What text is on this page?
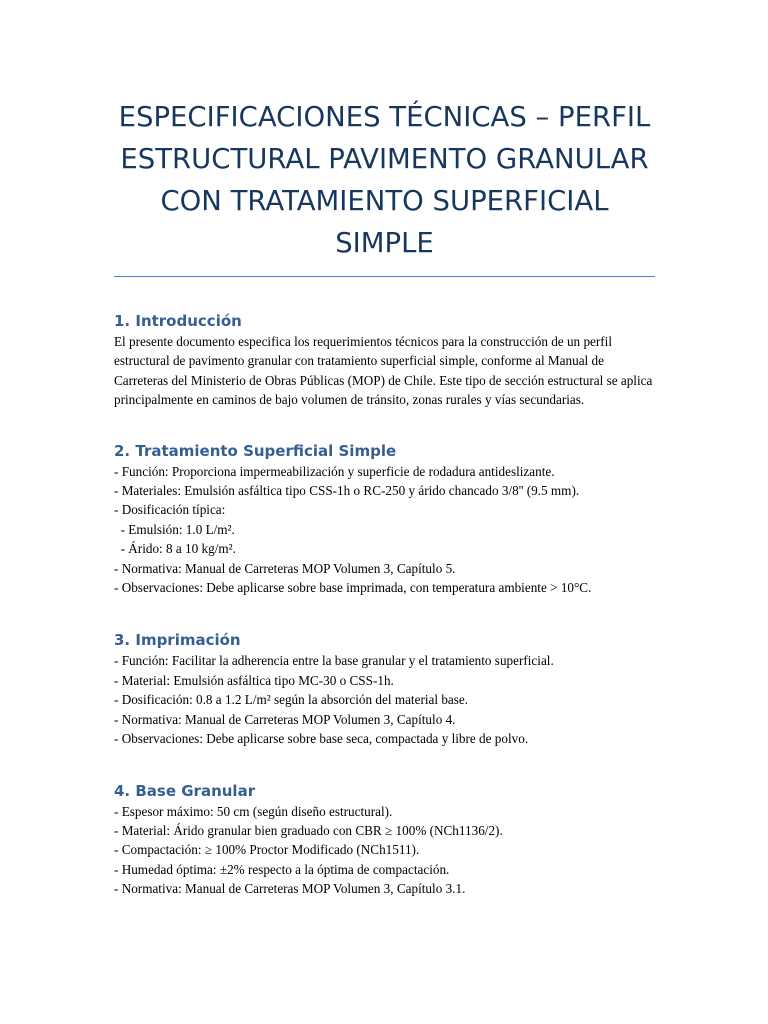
ESPECIFICACIONES TÉCNICAS – PERFIL ESTRUCTURAL PAVIMENTO GRANULAR CON TRATAMIENTO SUPERFICIAL SIMPLE
1. Introducción

El presente documento especifica los requerimientos técnicos para la construcción de un perfil estructural de pavimento granular con tratamiento superficial simple, conforme al Manual de Carreteras del Ministerio de Obras Públicas (MOP) de Chile. Este tipo de sección estructural se aplica principalmente en caminos de bajo volumen de tránsito, zonas rurales y vías secundarias.

2. Tratamiento Superficial Simple
- Función: Proporciona impermeabilización y superficie de rodadura antideslizante.
- Materiales: Emulsión asfáltica tipo CSS-1h o RC-250 y árido chancado 3/8'' (9.5 mm).
- Dosificación típica:
- Emulsión: 1.0 L/m².
- Árido: 8 a 10 kg/m².
- Normativa: Manual de Carreteras MOP Volumen 3, Capítulo 5.
- Observaciones: Debe aplicarse sobre base imprimada, con temperatura ambiente > 10°C.
3. Imprimación
- Función: Facilitar la adherencia entre la base granular y el tratamiento superficial.
- Material: Emulsión asfáltica tipo MC-30 o CSS-1h.
- Dosificación: 0.8 a 1.2 L/m² según la absorción del material base.
- Normativa: Manual de Carreteras MOP Volumen 3, Capítulo 4.
- Observaciones: Debe aplicarse sobre base seca, compactada y libre de polvo.
4. Base Granular
- Espesor máximo: 50 cm (según diseño estructural).
- Material: Árido granular bien graduado con CBR ≥ 100% (NCh1136/2).
- Compactación: ≥ 100% Proctor Modificado (NCh1511).
- Humedad óptima: ±2% respecto a la óptima de compactación.
- Normativa: Manual de Carreteras MOP Volumen 3, Capítulo 3.1.
